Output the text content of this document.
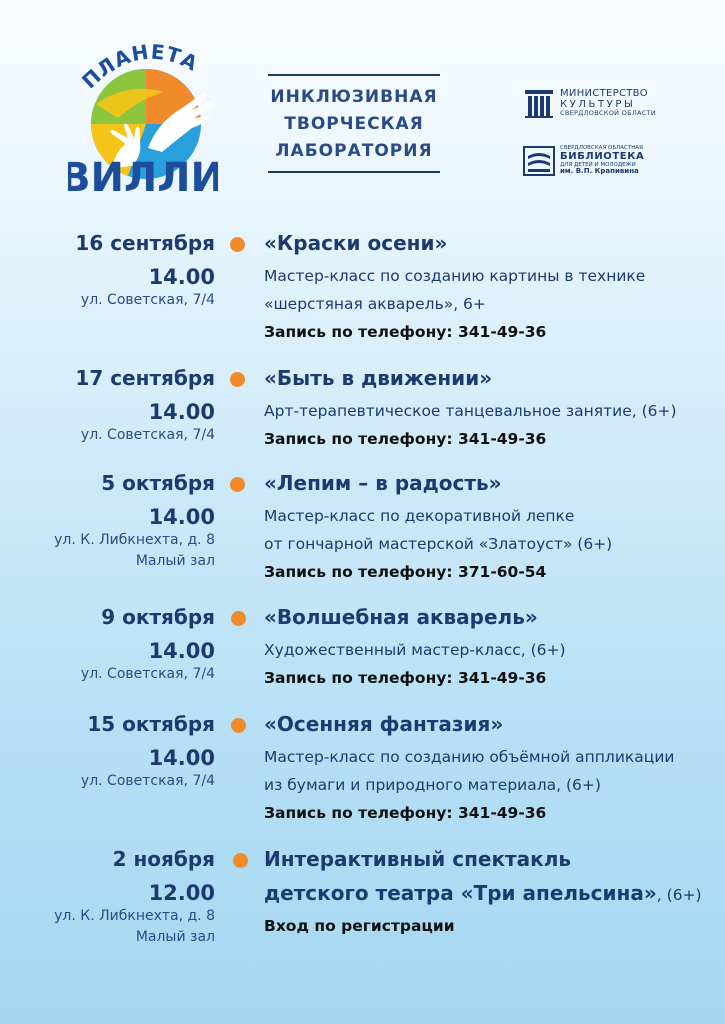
ПЛАНЕТА
ВИЛЛИ
ИНКЛЮЗИВНАЯ
ТВОРЧЕСКАЯ
ЛАБОРАТОРИЯ
МИНИСТЕРСТВО
КУЛЬТУРЫ
СВЕРДЛОВСКОЙ ОБЛАСТИ
СВЕРДЛОВСКАЯ ОБЛАСТНАЯ
БИБЛИОТЕКА
ДЛЯ ДЕТЕЙ И МОЛОДЕЖИ
им. В.П. Крапивина
16 сентября
14.00
ул. Советская, 7/4
«Краски осени»
Мастер-класс по созданию картины в технике
«шерстяная акварель», 6+
Запись по телефону: 341-49-36
17 сентября
14.00
ул. Советская, 7/4
«Быть в движении»
Арт-терапевтическое танцевальное занятие, (6+)
Запись по телефону: 341-49-36
5 октября
14.00
ул. К. Либкнехта, д. 8
Малый зал
«Лепим – в радость»
Мастер-класс по декоративной лепке
от гончарной мастерской «Златоуст» (6+)
Запись по телефону: 371-60-54
9 октября
14.00
ул. Советская, 7/4
«Волшебная акварель»
Художественный мастер-класс, (6+)
Запись по телефону: 341-49-36
15 октября
14.00
ул. Советская, 7/4
«Осенняя фантазия»
Мастер-класс по созданию объёмной аппликации
из бумаги и природного материала, (6+)
Запись по телефону: 341-49-36
2 ноября
12.00
ул. К. Либкнехта, д. 8
Малый зал
Интерактивный спектакль
детского театра «Три апельсина», (6+)
Вход по регистрации
